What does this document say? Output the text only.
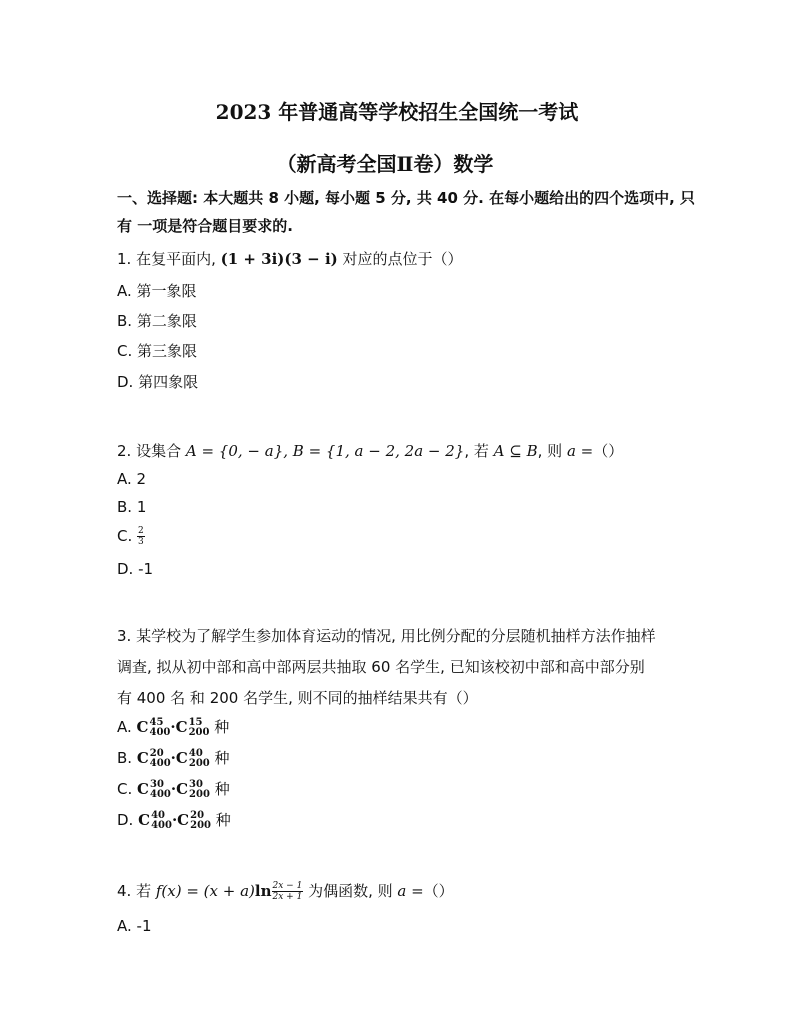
2023 年普通高等学校招生全国统一考试
（新高考全国Ⅱ卷）数学
一、选择题: 本大题共 8 小题, 每小题 5 分, 共 40 分. 在每小题给出的四个选项中, 只有 一项是符合题目要求的.
1. 在复平面内, (1 + 3i)(3 − i) 对应的点位于（）
A. 第一象限
B. 第二象限
C. 第三象限
D. 第四象限
2. 设集合 A = {0, − a}, B = {1, a − 2, 2a − 2}, 若 A ⊆ B, 则 a =（）
A. 2
B. 1
C. $\frac{2}{3}$
D. -1
3. 某学校为了解学生参加体育运动的情况, 用比例分配的分层随机抽样方法作抽样
调查, 拟从初中部和高中部两层共抽取 60 名学生, 已知该校初中部和高中部分别
有 400 名 和 200 名学生, 则不同的抽样结果共有（）
A. C 45
400 ·C 15
200 种
B. C 20
400 ·C 40
200 种
C. C 30
400 ·C 30
200 种
D. C 40
400 ·C 20
200 种
4. 若 $f(x) = (x + a)\ln \frac{2x - 1}{2x + 1}$ 为偶函数, 则 a =（）
A. -1
